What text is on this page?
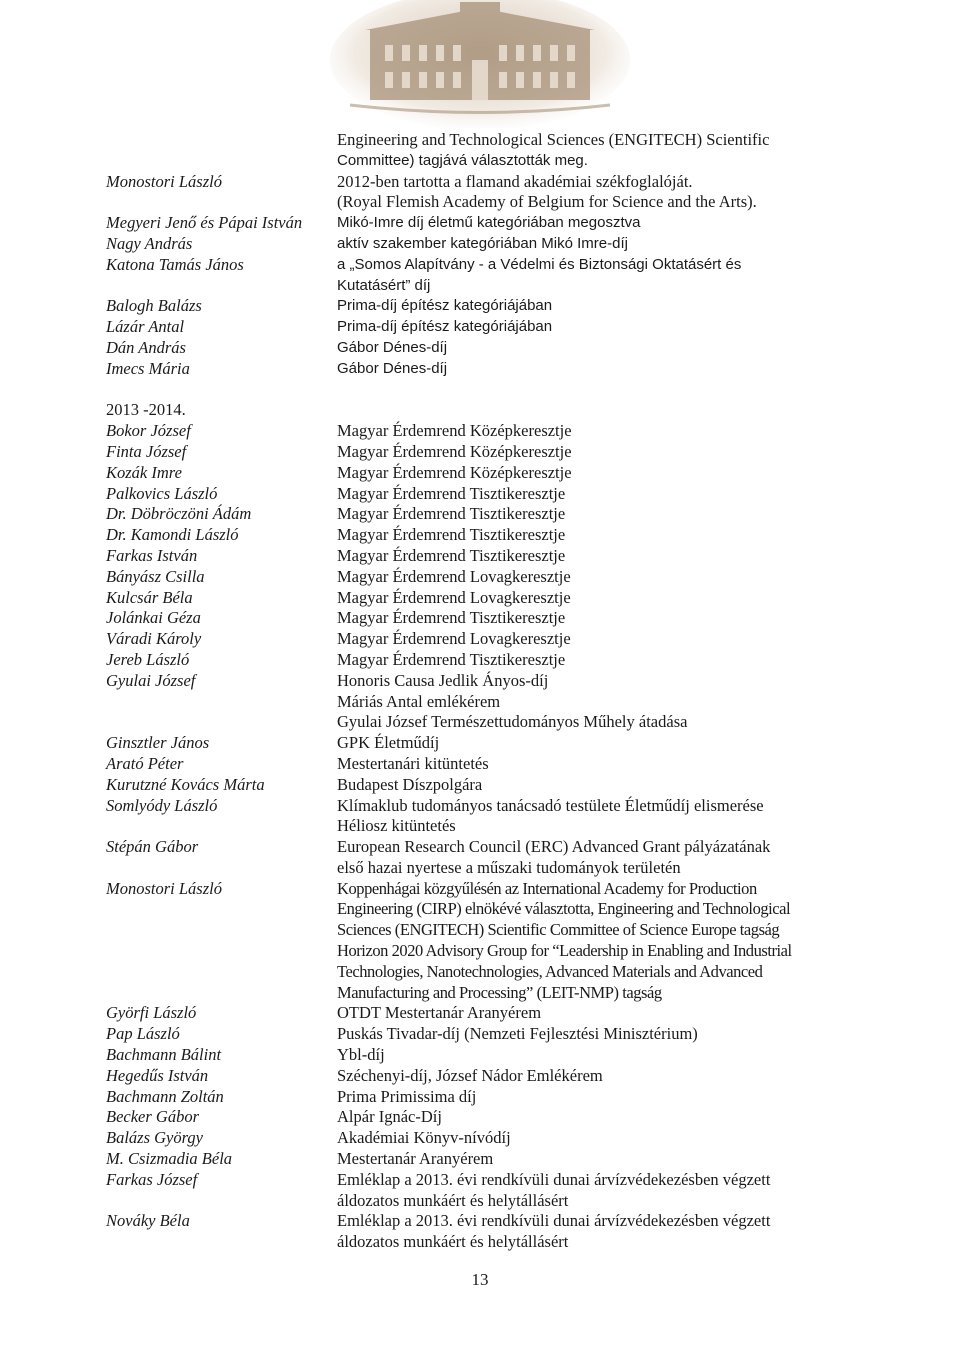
Engineering and Technological Sciences (ENGITECH) Scientific
Committee) tagjává választották meg.
Monostori László	2012-ben tartotta a flamand akadémiai székfoglalóját.
(Royal Flemish Academy of Belgium for Science and the Arts).
Megyeri Jenő és Pápai István	Mikó-Imre díj életmű kategóriában megosztva
Nagy András	aktív szakember kategóriában Mikó Imre-díj
Katona Tamás János	a „Somos Alapítvány - a Védelmi és Biztonsági Oktatásért és
Kutatásért” díj
Balogh Balázs	Prima-díj építész kategóriájában
Lázár Antal	Prima-díj építész kategóriájában
Dán András	Gábor Dénes-díj
Imecs Mária	Gábor Dénes-díj
2013 -2014.
Bokor József	Magyar Érdemrend Középkeresztje
Finta József	Magyar Érdemrend Középkeresztje
Kozák Imre	Magyar Érdemrend Középkeresztje
Palkovics László	Magyar Érdemrend Tisztikeresztje
Dr. Döbröczöni Ádám	Magyar Érdemrend Tisztikeresztje
Dr. Kamondi László	Magyar Érdemrend Tisztikeresztje
Farkas István	Magyar Érdemrend Tisztikeresztje
Bányász Csilla	Magyar Érdemrend Lovagkeresztje
Kulcsár Béla	Magyar Érdemrend Lovagkeresztje
Jolánkai Géza	Magyar Érdemrend Tisztikeresztje
Váradi Károly	Magyar Érdemrend Lovagkeresztje
Jereb László	Magyar Érdemrend Tisztikeresztje
Gyulai József	Honoris Causa Jedlik Ányos-díj
Máriás Antal emlékérem
Gyulai József Természettudományos Műhely átadása
Ginsztler János	GPK Életműdíj
Arató Péter	Mestertanári kitüntetés
Kurutzné Kovács Márta	Budapest Díszpolgára
Somlyódy László	Klímaklub tudományos tanácsadó testülete Életműdíj elismerése
Héliosz kitüntetés
Stépán Gábor	European Research Council (ERC) Advanced Grant pályázatának
első hazai nyertese a műszaki tudományok területén
Monostori László	Koppenhágai közgyűlésén az International Academy for Production
Engineering (CIRP) elnökévé választotta, Engineering and Technological
Sciences (ENGITECH) Scientific Committee of Science Europe tagság
Horizon 2020 Advisory Group for “Leadership in Enabling and Industrial
Technologies, Nanotechnologies, Advanced Materials and Advanced
Manufacturing and Processing” (LEIT-NMP) tagság
Györfi László	OTDT Mestertanár Aranyérem
Pap László	Puskás Tivadar-díj (Nemzeti Fejlesztési Minisztérium)
Bachmann Bálint	Ybl-díj
Hegedűs István	Széchenyi-díj, József Nádor Emlékérem
Bachmann Zoltán	Prima Primissima díj
Becker Gábor	Alpár Ignác-Díj
Balázs György	Akadémiai Könyv-nívódíj
M. Csizmadia Béla	Mestertanár Aranyérem
Farkas József	Emléklap a 2013. évi rendkívüli dunai árvízvédekezésben végzett
áldozatos munkáért és helytállásért
Nováky Béla	Emléklap a 2013. évi rendkívüli dunai árvízvédekezésben végzett
áldozatos munkáért és helytállásért
13
